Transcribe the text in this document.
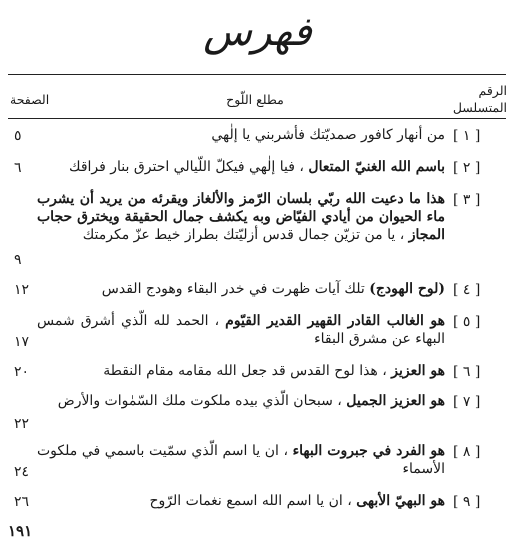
فهرس
الرقم المتسلسل
مطلع اللّوح
الصفحة
[ ١ ]
من أنهار كافور صمديّتك فأشربني يا إلٰهي
٥
[ ٢ ]
باسم الله الغنيّ المتعال ، فيا إلٰهي فيكلّ اللّيالي احترق بنار فراقك
٦
[ ٣ ]
هذا ما دعيت الله ربّي بلسان الرّمز والألغاز ويقرئه من يريد أن يشرب ماء الحيوان من أيادي الفيّاض وبه يكشف جمال الحقيقة ويخترق حجاب المجاز ، يا من تزيّن جمال قدس أزليّتك بطراز خيط عزّ مكرمتك
٩
[ ٤ ]
(لوح الهودج) تلك آيات ظهرت في خدر البقاء وهودج القدس
١٢
[ ٥ ]
هو الغالب القادر القهير القدير القيّوم ، الحمد لله الّذي أشرق شمس البهاء عن مشرق البقاء
١٧
[ ٦ ]
هو العزيز ، هذا لوح القدس قد جعل الله مقامه مقام النقطة
٢٠
[ ٧ ]
هو العزيز الجميل ، سبحان الّذي بيده ملكوت ملك السّمٰوات والأرض
٢٢
[ ٨ ]
هو الفرد في جبروت البهاء ، ان يا اسم الّذي سمّيت باسمي في ملكوت الأسماء
٢٤
[ ٩ ]
هو البهيّ الأبهى ، ان يا اسم الله اسمع نغمات الرّوح
٢٦
١٩١
